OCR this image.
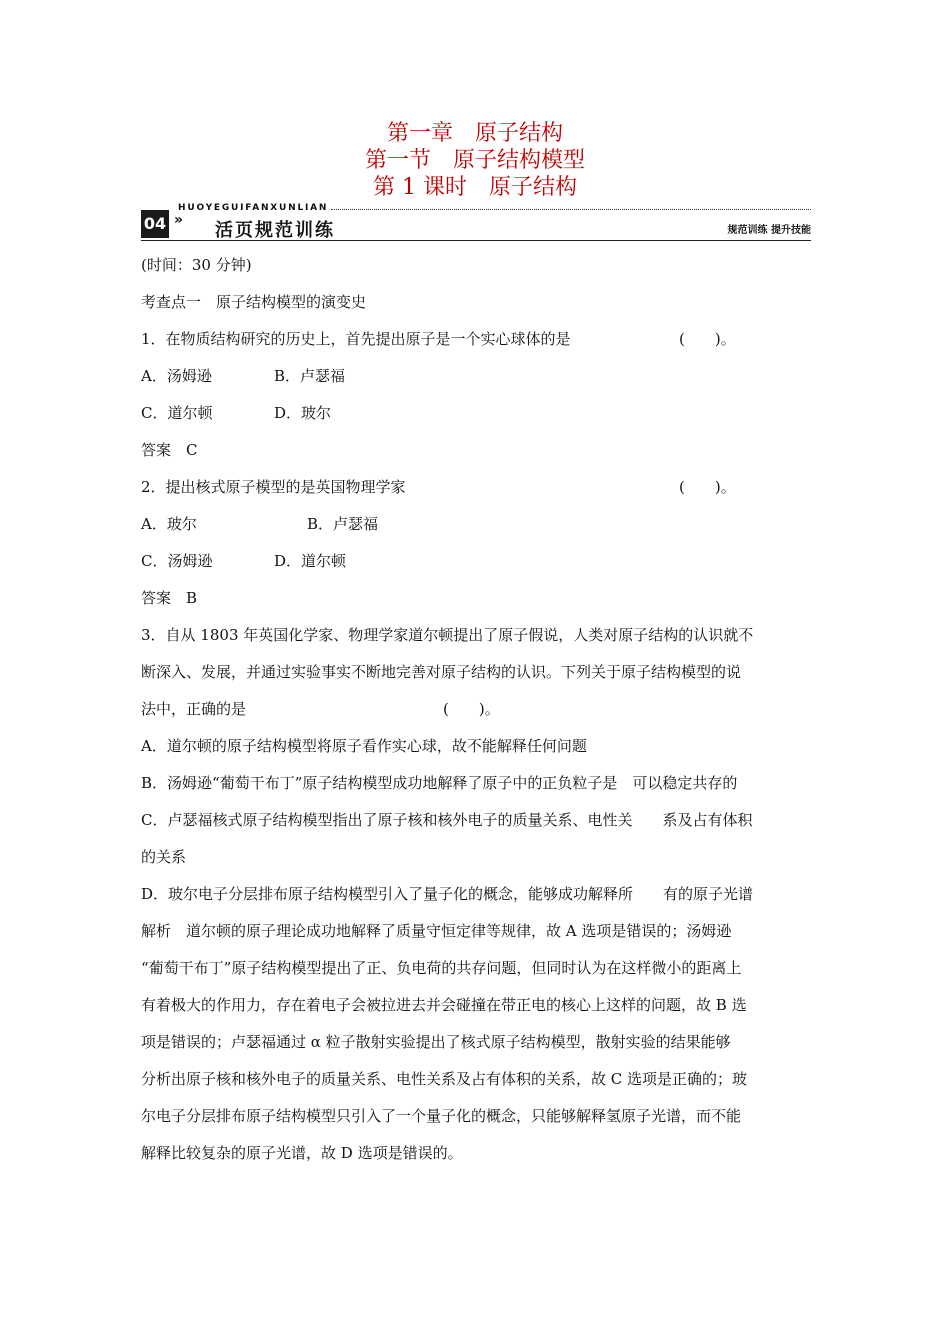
第一章　原子结构
第一节　原子结构模型
第 1 课时　原子结构
04 »
HUOYEGUIFANXUNLIAN
活页规范训练	规范训练 提升技能
(时间：30 分钟)
考查点一　原子结构模型的演变史
1．在物质结构研究的历史上，首先提出原子是一个实心球体的是	(　　)。
A．汤姆逊	B．卢瑟福
C．道尔顿	D．玻尔
答案　C
2．提出核式原子模型的是英国物理学家	(　　)。
A．玻尔	B．卢瑟福
C．汤姆逊	D．道尔顿
答案　B
3．自从 1803 年英国化学家、物理学家道尔顿提出了原子假说，人类对原子结构的认识就不
断深入、发展，并通过实验事实不断地完善对原子结构的认识。下列关于原子结构模型的说
法中，正确的是	(　　)。
A．道尔顿的原子结构模型将原子看作实心球，故不能解释任何问题
B．汤姆逊“葡萄干布丁”原子结构模型成功地解释了原子中的正负粒子是　可以稳定共存的
C．卢瑟福核式原子结构模型指出了原子核和核外电子的质量关系、电性关　　系及占有体积
的关系
D．玻尔电子分层排布原子结构模型引入了量子化的概念，能够成功解释所　　有的原子光谱
解析　道尔顿的原子理论成功地解释了质量守恒定律等规律，故 A 选项是错误的；汤姆逊
“葡萄干布丁”原子结构模型提出了正、负电荷的共存问题，但同时认为在这样微小的距离上
有着极大的作用力，存在着电子会被拉进去并会碰撞在带正电的核心上这样的问题，故 B 选
项是错误的；卢瑟福通过 α 粒子散射实验提出了核式原子结构模型，散射实验的结果能够
分析出原子核和核外电子的质量关系、电性关系及占有体积的关系，故 C 选项是正确的；玻
尔电子分层排布原子结构模型只引入了一个量子化的概念，只能够解释氢原子光谱，而不能
解释比较复杂的原子光谱，故 D 选项是错误的。
